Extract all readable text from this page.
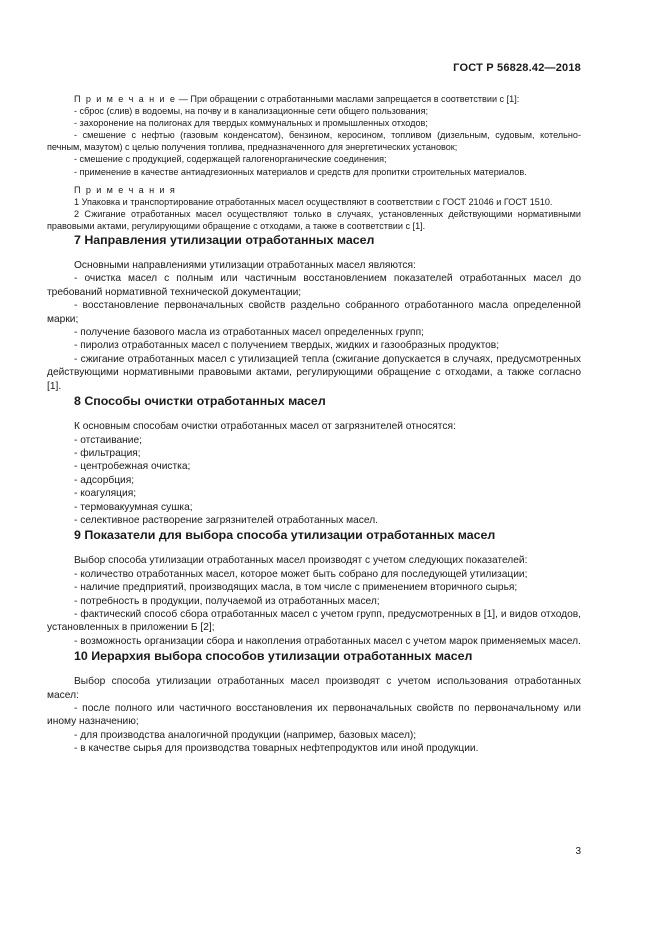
ГОСТ Р 56828.42—2018

П р и м е ч а н и е — При обращении с отработанными маслами запрещается в соответствии с [1]:

- сброс (слив) в водоемы, на почву и в канализационные сети общего пользования;

- захоронение на полигонах для твердых коммунальных и промышленных отходов;

- смешение с нефтью (газовым конденсатом), бензином, керосином, топливом (дизельным, судовым, котельно-печным, мазутом) с целью получения топлива, предназначенного для энергетических установок;

- смешение с продукцией, содержащей галогенорганические соединения;

- применение в качестве антиадгезионных материалов и средств для пропитки строительных материалов.

П р и м е ч а н и я

1 Упаковка и транспортирование отработанных масел осуществляют в соответствии с ГОСТ 21046 и ГОСТ 1510.

2 Сжигание отработанных масел осуществляют только в случаях, установленных действующими нормативными правовыми актами, регулирующими обращение с отходами, а также в соответствии с [1].

7 Направления утилизации отработанных масел

Основными направлениями утилизации отработанных масел являются:

- очистка масел с полным или частичным восстановлением показателей отработанных масел до требований нормативной технической документации;

- восстановление первоначальных свойств раздельно собранного отработанного масла определенной марки;

- получение базового масла из отработанных масел определенных групп;

- пиролиз отработанных масел с получением твердых, жидких и газообразных продуктов;

- сжигание отработанных масел с утилизацией тепла (сжигание допускается в случаях, предусмотренных действующими нормативными правовыми актами, регулирующими обращение с отходами, а также согласно [1].

8 Способы очистки отработанных масел

К основным способам очистки отработанных масел от загрязнителей относятся:

- отстаивание;

- фильтрация;

- центробежная очистка;

- адсорбция;

- коагуляция;

- термовакуумная сушка;

- селективное растворение загрязнителей отработанных масел.

9 Показатели для выбора способа утилизации отработанных масел

Выбор способа утилизации отработанных масел производят с учетом следующих показателей:

- количество отработанных масел, которое может быть собрано для последующей утилизации;

- наличие предприятий, производящих масла, в том числе с применением вторичного сырья;

- потребность в продукции, получаемой из отработанных масел;

- фактический способ сбора отработанных масел с учетом групп, предусмотренных в [1], и видов отходов, установленных в приложении Б [2];

- возможность организации сбора и накопления отработанных масел с учетом марок применяемых масел.

10 Иерархия выбора способов утилизации отработанных масел

Выбор способа утилизации отработанных масел производят с учетом использования отработанных масел:

- после полного или частичного восстановления их первоначальных свойств по первоначальному или иному назначению;

- для производства аналогичной продукции (например, базовых масел);

- в качестве сырья для производства товарных нефтепродуктов или иной продукции.

3
